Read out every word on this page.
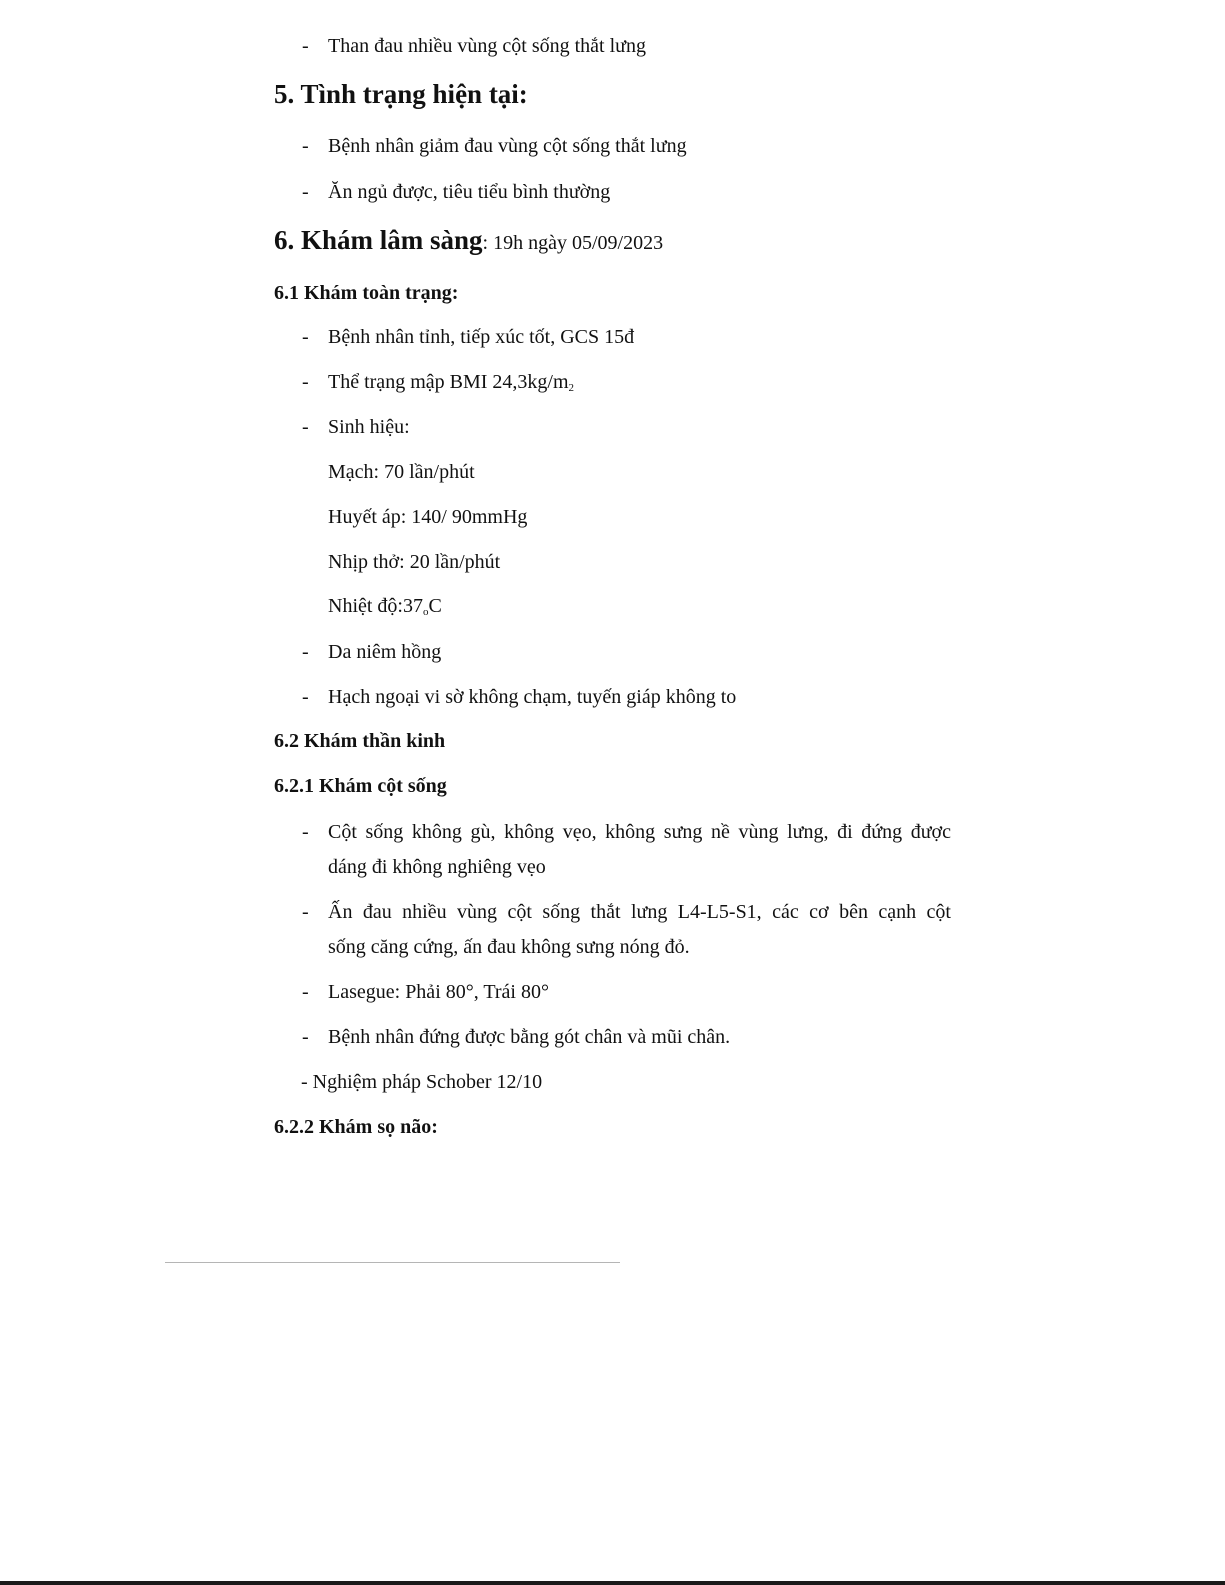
- Than đau nhiều vùng cột sống thắt lưng
5. Tình trạng hiện tại:
- Bệnh nhân giảm đau vùng cột sống thắt lưng
- Ăn ngủ được, tiêu tiểu bình thường
6. Khám lâm sàng: 19h ngày 05/09/2023
6.1 Khám toàn trạng:
- Bệnh nhân tỉnh, tiếp xúc tốt, GCS 15đ
- Thể trạng mập BMI $24,3kg/m_2$
- Sinh hiệu:
Mạch: 70 lần/phút
Huyết áp: 140/ 90mmHg
Nhịp thở: 20 lần/phút
Nhiệt $độ:37_oC$
- Da niêm hồng
- Hạch ngoại vi sờ không chạm, tuyến giáp không to
6.2 Khám thần kinh
6.2.1 Khám cột sống
- Cột sống không gù, không vẹo, không sưng nề vùng lưng, đi đứng được
dáng đi không nghiêng vẹo
- Ấn đau nhiều vùng cột sống thắt lưng L4-L5-S1, các cơ bên cạnh cột
sống căng cứng, ấn đau không sưng nóng đỏ.
- Lasegue: Phải 80°, Trái 80°
- Bệnh nhân đứng được bằng gót chân và mũi chân.
- Nghiệm pháp Schober 12/10
6.2.2 Khám sọ não:
